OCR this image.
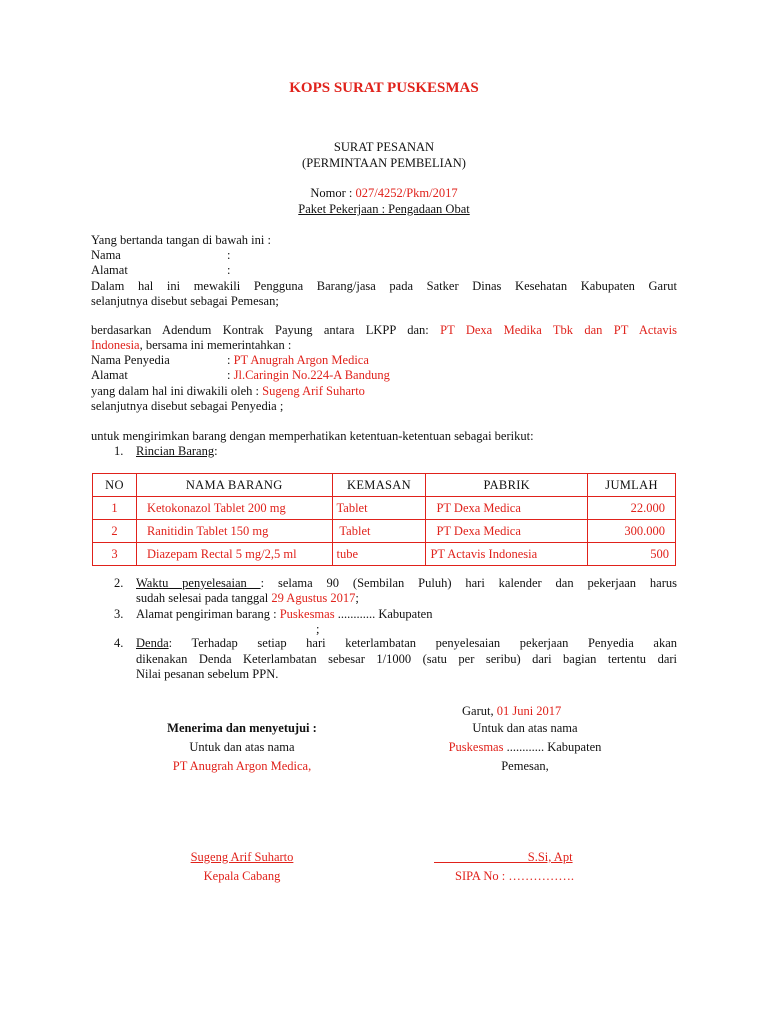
KOPS SURAT PUSKESMAS
SURAT PESANAN
(PERMINTAAN PEMBELIAN)
Nomor : 027/4252/Pkm/2017
Paket Pekerjaan : Pengadaan Obat
Yang bertanda tangan di bawah ini :
Nama	:
Alamat	:
Dalam hal ini mewakili Pengguna Barang/jasa pada Satker Dinas Kesehatan Kabupaten Garut
selanjutnya disebut sebagai Pemesan;
berdasarkan Adendum Kontrak Payung antara LKPP dan: PT Dexa Medika Tbk dan PT Actavis
Indonesia, bersama ini memerintahkan :
Nama Penyedia	: PT Anugrah Argon Medica
Alamat	: Jl.Caringin No.224-A Bandung
yang dalam hal ini diwakili oleh : Sugeng Arif Suharto
selanjutnya disebut sebagai Penyedia ;
untuk mengirimkan barang dengan memperhatikan ketentuan-ketentuan sebagai berikut:
1. Rincian Barang:
NO	NAMA BARANG	KEMASAN	PABRIK	JUMLAH
1	Ketokonazol Tablet 200 mg	Tablet	PT Dexa Medica	22.000
2	Ranitidin Tablet 150 mg	Tablet	PT Dexa Medica	300.000
3	Diazepam Rectal 5 mg/2,5 ml	tube	PT Actavis Indonesia	500
2. Waktu penyelesaian : selama 90 (Sembilan Puluh) hari kalender dan pekerjaan harus
sudah selesai pada tanggal 29 Agustus 2017;
3. Alamat pengiriman barang : Puskesmas ............ Kabupaten
;
4. Denda: Terhadap setiap hari keterlambatan penyelesaian pekerjaan Penyedia akan
dikenakan Denda Keterlambatan sebesar 1/1000 (satu per seribu) dari bagian tertentu dari
Nilai pesanan sebelum PPN.
Garut, 01 Juni 2017
Menerima dan menyetujui :
Untuk dan atas nama
PT Anugrah Argon Medica,
Untuk dan atas nama
Puskesmas ............ Kabupaten
Pemesan,
Sugeng Arif Suharto
Kepala Cabang
S.Si, Apt
SIPA No : …………….
